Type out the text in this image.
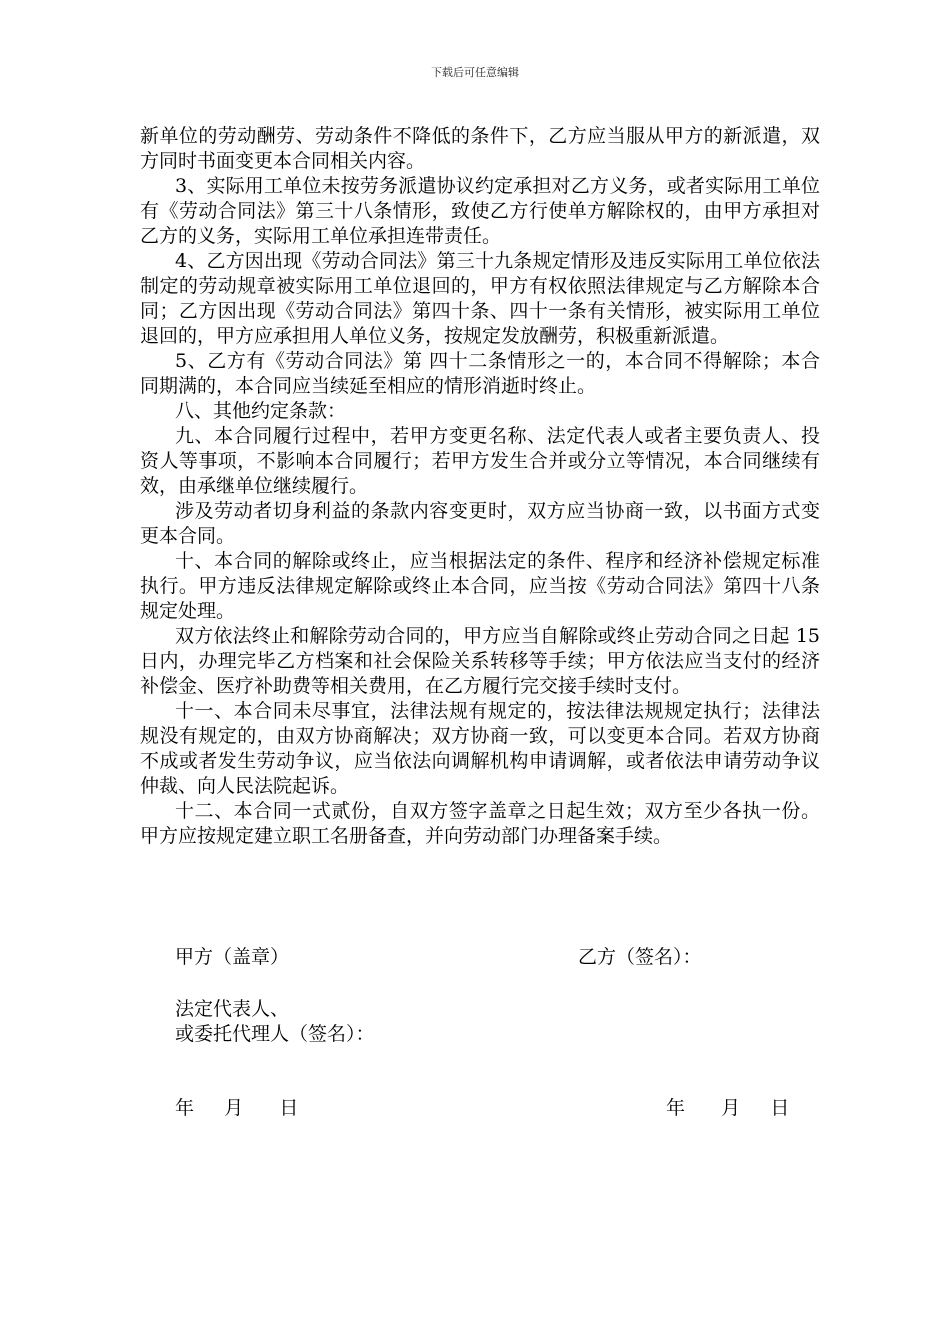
下载后可任意编辑

新单位的劳动酬劳、劳动条件不降低的条件下，乙方应当服从甲方的新派遣，双方同时书面变更本合同相关内容。

3、实际用工单位未按劳务派遣协议约定承担对乙方义务，或者实际用工单位有《劳动合同法》第三十八条情形，致使乙方行使单方解除权的，由甲方承担对乙方的义务，实际用工单位承担连带责任。

4、乙方因出现《劳动合同法》第三十九条规定情形及违反实际用工单位依法制定的劳动规章被实际用工单位退回的，甲方有权依照法律规定与乙方解除本合同；乙方因出现《劳动合同法》第四十条、四十一条有关情形，被实际用工单位退回的，甲方应承担用人单位义务，按规定发放酬劳，积极重新派遣。

5、乙方有《劳动合同法》第 四十二条情形之一的，本合同不得解除；本合同期满的，本合同应当续延至相应的情形消逝时终止。

八、其他约定条款：

九、本合同履行过程中，若甲方变更名称、法定代表人或者主要负责人、投资人等事项，不影响本合同履行；若甲方发生合并或分立等情况，本合同继续有效，由承继单位继续履行。

涉及劳动者切身利益的条款内容变更时，双方应当协商一致，以书面方式变更本合同。

十、本合同的解除或终止，应当根据法定的条件、程序和经济补偿规定标准执行。甲方违反法律规定解除或终止本合同，应当按《劳动合同法》第四十八条规定处理。

双方依法终止和解除劳动合同的，甲方应当自解除或终止劳动合同之日起 15 日内，办理完毕乙方档案和社会保险关系转移等手续；甲方依法应当支付的经济补偿金、医疗补助费等相关费用，在乙方履行完交接手续时支付。

十一、本合同未尽事宜，法律法规有规定的，按法律法规规定执行；法律法规没有规定的，由双方协商解决；双方协商一致，可以变更本合同。若双方协商不成或者发生劳动争议，应当依法向调解机构申请调解，或者依法申请劳动争议仲裁、向人民法院起诉。

十二、本合同一式贰份，自双方签字盖章之日起生效；双方至少各执一份。甲方应按规定建立职工名册备查，并向劳动部门办理备案手续。

甲方（盖章）	乙方（签名）：
法定代表人、
或委托代理人（签名）：
年     月      日	年      月     日
